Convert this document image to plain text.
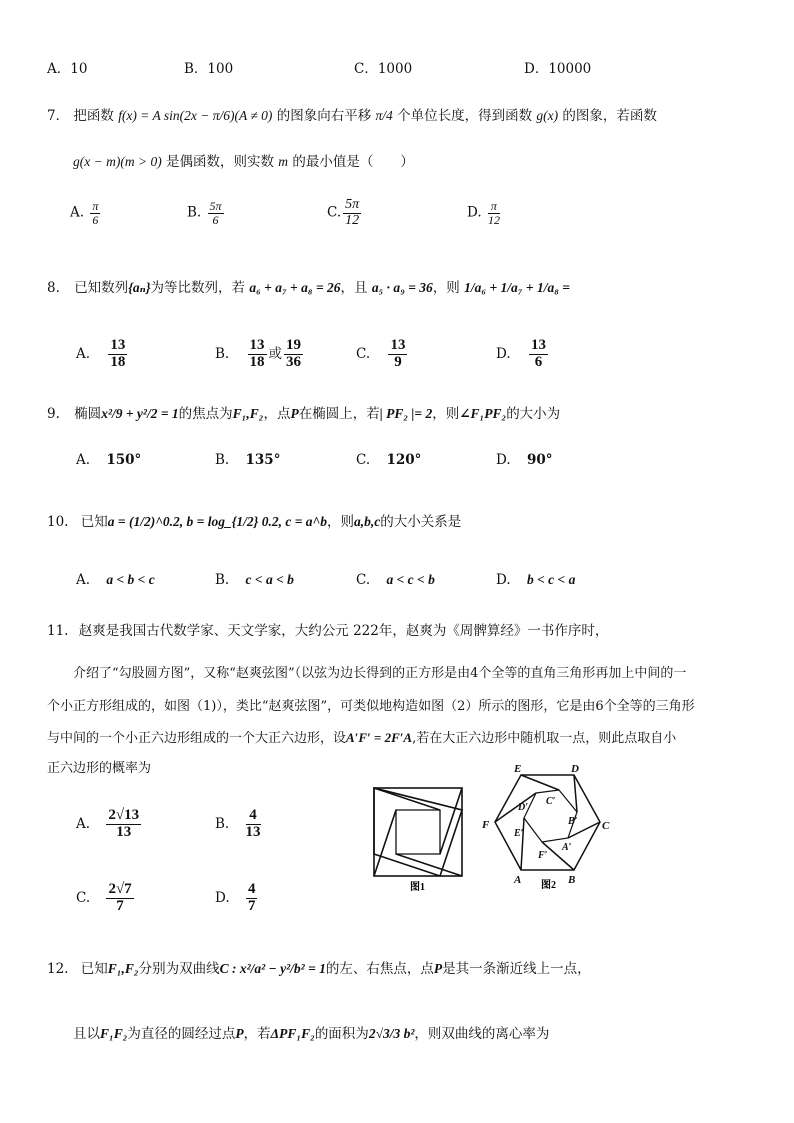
A．10	B．100	C．1000	D．10000
7． 把函数 f(x) = A sin(2x − π/6)(A ≠ 0) 的图象向右平移 π/4 个单位长度，得到函数 g(x) 的图象，若函数
g(x − m)(m > 0) 是偶函数，则实数 m 的最小值是（　　）
A. $\frac{\pi}{6}$	B. $\frac{5\pi}{6}$	C. $\frac{5\pi}{12}$	D. $\frac{\pi}{12}$
8. 已知数列{aₙ}为等比数列，若 a₆ + a₇ + a₈ = 26，且 a₅ · a₉ = 36，则 1/a₆ + 1/a₇ + 1/a₈ =
A. $\frac{13}{18}$	B. $\frac{13}{18}$ 或 $\frac{19}{36}$	C. $\frac{13}{9}$	D. $\frac{13}{6}$
9. 椭圆x²/9 + y²/2 = 1的焦点为F₁,F₂，点P在椭圆上，若| PF₂ |= 2，则∠F₁PF₂的大小为
A. 150°	B. 135°	C. 120°	D. 90°
10. 已知a = (1/2)^0.2, b = log_{1/2} 0.2, c = a^b，则a,b,c的大小关系是
A. a < b < c	B. c < a < b	C. a < c < b	D. b < c < a
11. 赵爽是我国古代数学家、天文学家，大约公元 222年，赵爽为《周髀算经》一书作序时，
介绍了“勾股圆方图”，又称“赵爽弦图”（以弦为边长得到的正方形是由4个全等的直角三角形再加上中间的一
个小正方形组成的，如图（1)），类比“赵爽弦图”，可类似地构造如图（2）所示的图形，它是由6个全等的三角形
与中间的一个小正六边形组成的一个大正六边形，设A′F′ = 2F′A,若在大正六边形中随机取一点，则此点取自小
正六边形的概率为
A. $\frac{2√13}{13}$	B. $\frac{4}{13}$
C. $\frac{2√7}{7}$	D. $\frac{4}{7}$	图1
E	D
C
B
A
F
C′
D′
B′
E′
A′
F′
图2
12. 已知F₁,F₂分别为双曲线C : x²/a² − y²/b² = 1的左、右焦点，点P是其一条渐近线上一点，
且以F₁F₂为直径的圆经过点P，若ΔPF₁F₂的面积为2√3/3 b²，则双曲线的离心率为
